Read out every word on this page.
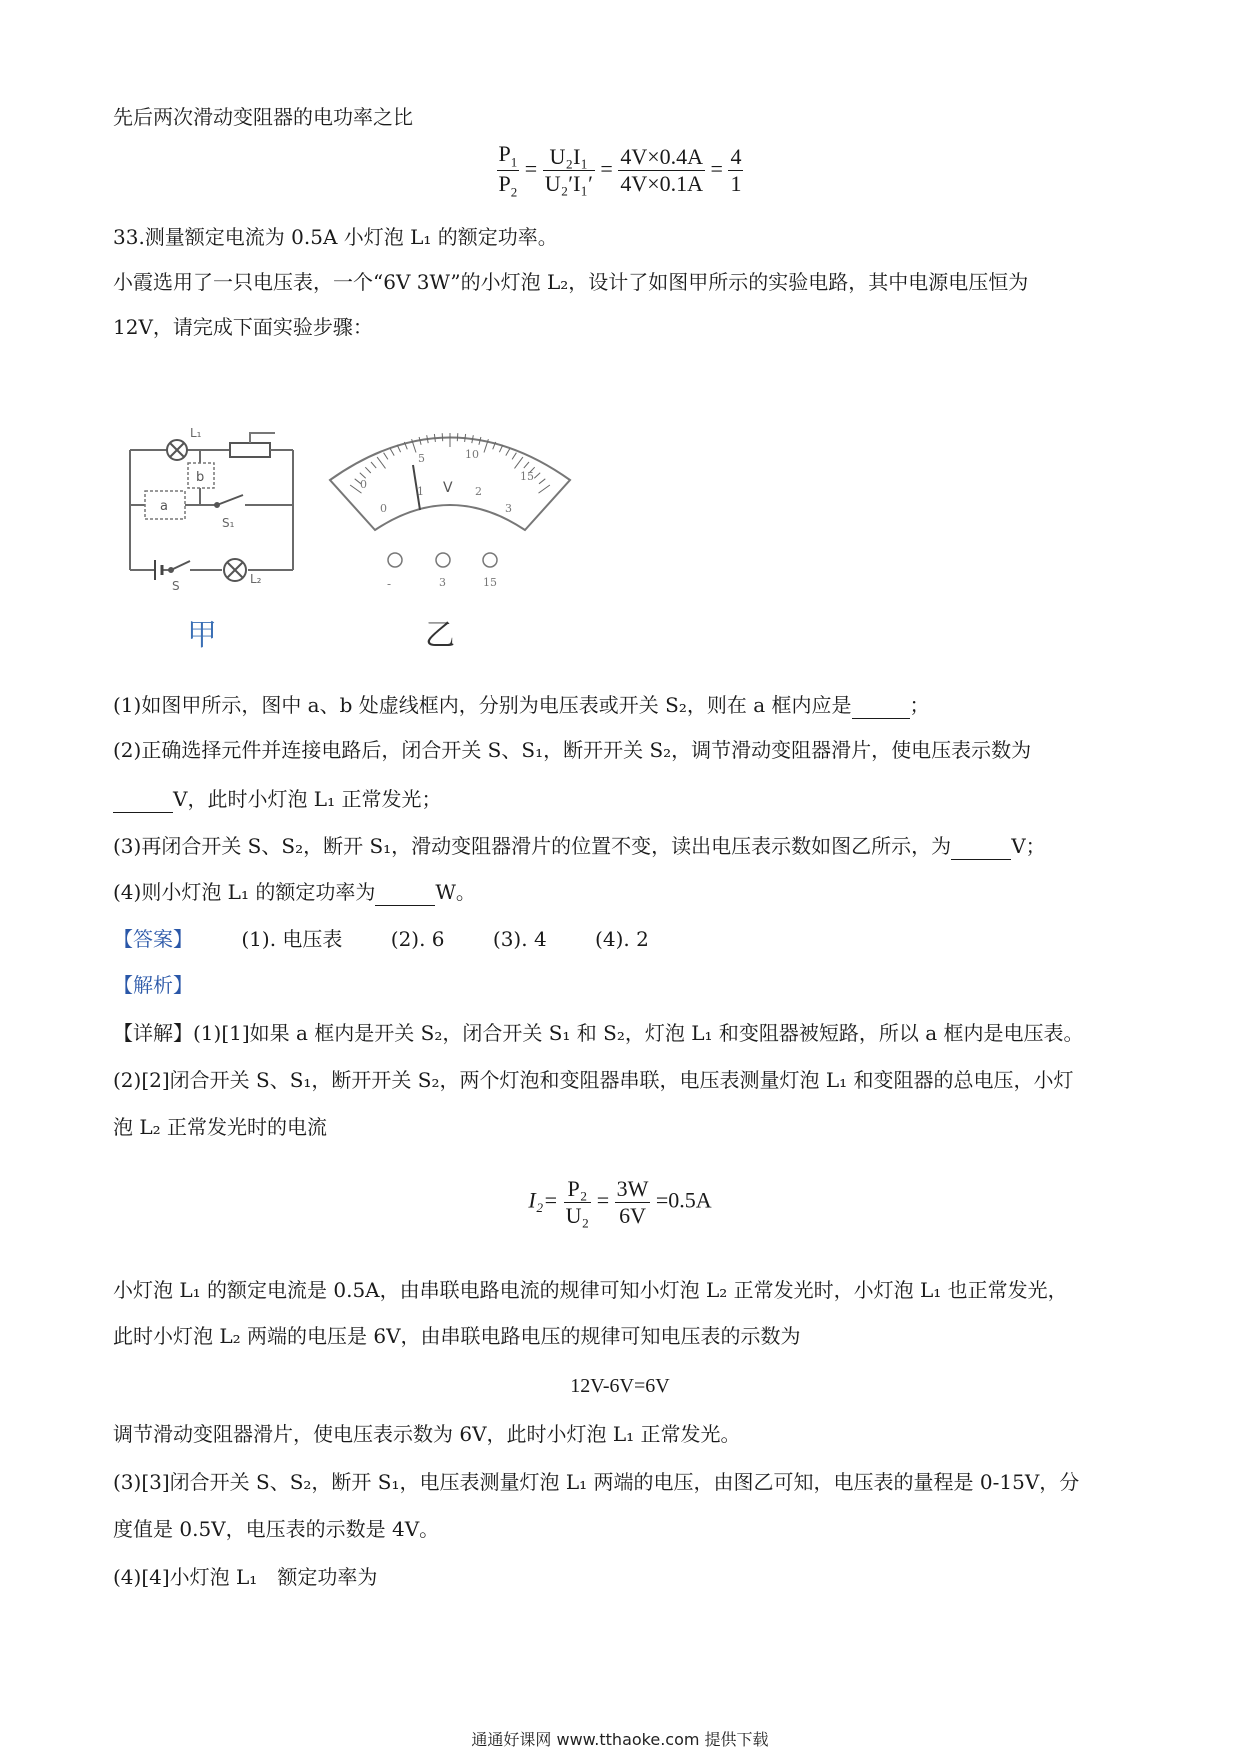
先后两次滑动变阻器的电功率之比
$\frac{P_1}{P_2} = \frac{\text{U₂I₁}}{\text{U₂′I₁′}} = \frac{4V\times 0.4A}{4V\times 0.1A} = \frac{4}{1}$
33.测量额定电流为 0.5A 小灯泡 L₁ 的额定功率。
小霞选用了一只电压表，一个“6V 3W”的小灯泡 L₂，设计了如图甲所示的实验电路，其中电源电压恒为
12V，请完成下面实验步骤：
L₁
b
a
S₁
S	L₂
甲
V
0
5	10
15
0
1	2
3
-	3	15
乙
(1)如图甲所示，图中 a、b 处虚线框内，分别为电压表或开关 S₂，则在 a 框内应是	；
(2)正确选择元件并连接电路后，闭合开关 S、S₁，断开开关 S₂，调节滑动变阻器滑片，使电压表示数为
V，此时小灯泡 L₁ 正常发光；
(3)再闭合开关 S、S₂，断开 S₁，滑动变阻器滑片的位置不变，读出电压表示数如图乙所示，为	V；
(4)则小灯泡 L₁ 的额定功率为	W。
【答案】 (1). 电压表 (2). 6 (3). 4 (4). 2
【解析】
【详解】(1)[1]如果 a 框内是开关 S₂，闭合开关 S₁ 和 S₂，灯泡 L₁ 和变阻器被短路，所以 a 框内是电压表。
(2)[2]闭合开关 S、S₁，断开开关 S₂，两个灯泡和变阻器串联，电压表测量灯泡 L₁ 和变阻器的总电压，小灯
泡 L₂ 正常发光时的电流
$I_2= \frac{\text{P₂}}{\text{U₂}} = \frac{3W}{6V} =0.5A$
小灯泡 L₁ 的额定电流是 0.5A，由串联电路电流的规律可知小灯泡 L₂ 正常发光时，小灯泡 L₁ 也正常发光，
此时小灯泡 L₂ 两端的电压是 6V，由串联电路电压的规律可知电压表的示数为
12V-6V=6V
调节滑动变阻器滑片，使电压表示数为 6V，此时小灯泡 L₁ 正常发光。
(3)[3]闭合开关 S、S₂，断开 S₁，电压表测量灯泡 L₁ 两端的电压，由图乙可知，电压表的量程是 0-15V，分
度值是 0.5V，电压表的示数是 4V。
(4)[4]小灯泡 L₁　额定功率为
通通好课网 www.tthaoke.com 提供下载
